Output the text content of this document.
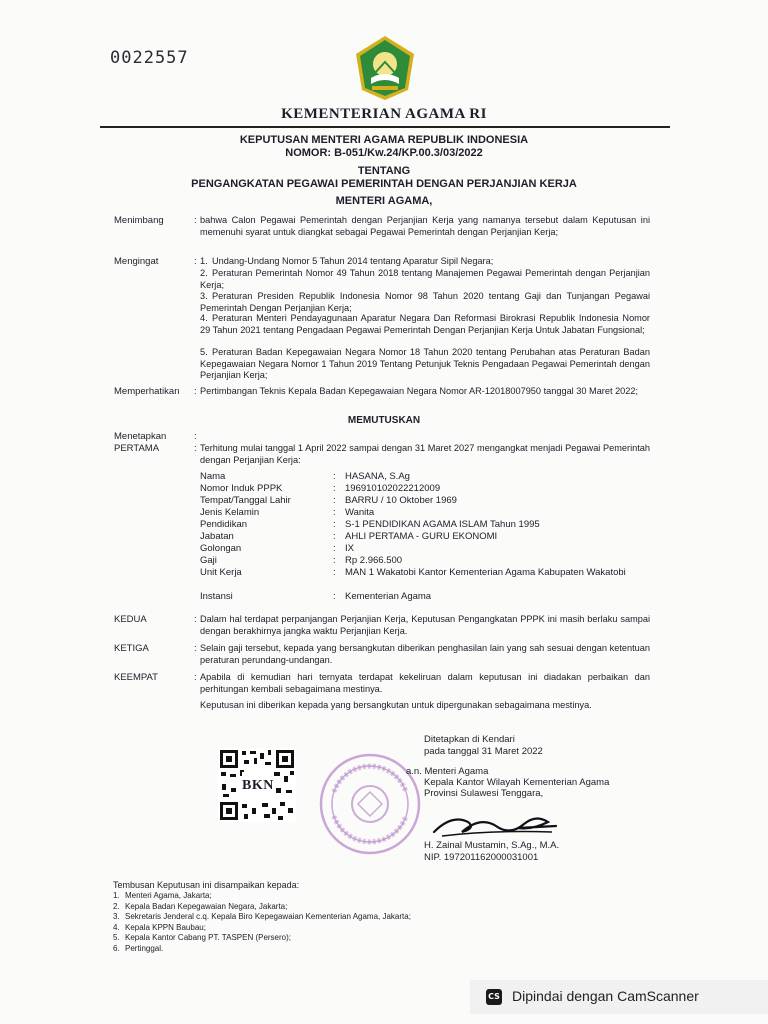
0022557
KEMENTERIAN AGAMA RI
KEPUTUSAN MENTERI AGAMA REPUBLIK INDONESIA
NOMOR: B-051/Kw.24/KP.00.3/03/2022
TENTANG
PENGANGKATAN PEGAWAI PEMERINTAH DENGAN PERJANJIAN KERJA
MENTERI AGAMA,
Menimbang	: bahwa Calon Pegawai Pemerintah dengan Perjanjian Kerja yang namanya tersebut dalam Keputusan ini memenuhi syarat untuk diangkat sebagai Pegawai Pemerintah dengan Perjanjian Kerja;
Mengingat	: 1. Undang-Undang Nomor 5 Tahun 2014 tentang Aparatur Sipil Negara;
2. Peraturan Pemerintah Nomor 49 Tahun 2018 tentang Manajemen Pegawai Pemerintah dengan Perjanjian Kerja;
3. Peraturan Presiden Republik Indonesia Nomor 98 Tahun 2020 tentang Gaji dan Tunjangan Pegawai Pemerintah Dengan Perjanjian Kerja;
4. Peraturan Menteri Pendayagunaan Aparatur Negara Dan Reformasi Birokrasi Republik Indonesia Nomor 29 Tahun 2021 tentang Pengadaan Pegawai Pemerintah Dengan Perjanjian Kerja Untuk Jabatan Fungsional;
5. Peraturan Badan Kepegawaian Negara Nomor 18 Tahun 2020 tentang Perubahan atas Peraturan Badan Kepegawaian Negara Nomor 1 Tahun 2019 Tentang Petunjuk Teknis Pengadaan Pegawai Pemerintah dengan Perjanjian Kerja;
Memperhatikan : Pertimbangan Teknis Kepala Badan Kepegawaian Negara Nomor AR-12018007950 tanggal 30 Maret 2022;
MEMUTUSKAN
Menetapkan	:
PERTAMA	: Terhitung mulai tanggal 1 April 2022 sampai dengan 31 Maret 2027 mengangkat menjadi Pegawai Pemerintah dengan Perjanjian Kerja:
Nama	: HASANA, S.Ag
Nomor Induk PPPK	: 196910102022212009
Tempat/Tanggal Lahir	: BARRU / 10 Oktober 1969
Jenis Kelamin	: Wanita
Pendidikan	: S-1 PENDIDIKAN AGAMA ISLAM Tahun 1995
Jabatan	: AHLI PERTAMA - GURU EKONOMI
Golongan	: IX
Gaji	: Rp 2.966.500
Unit Kerja	: MAN 1 Wakatobi Kantor Kementerian Agama Kabupaten Wakatobi
Instansi	: Kementerian Agama
KEDUA	: Dalam hal terdapat perpanjangan Perjanjian Kerja, Keputusan Pengangkatan PPPK ini masih berlaku sampai dengan berakhirnya jangka waktu Perjanjian Kerja.
KETIGA	: Selain gaji tersebut, kepada yang bersangkutan diberikan penghasilan lain yang sah sesuai dengan ketentuan peraturan perundang-undangan.
KEEMPAT	: Apabila di kemudian hari ternyata terdapat kekeliruan dalam keputusan ini diadakan perbaikan dan perhitungan kembali sebagaimana mestinya.
Keputusan ini diberikan kepada yang bersangkutan untuk dipergunakan sebagaimana mestinya.
BKN
Ditetapkan di Kendari
pada tanggal 31 Maret 2022
a.n. Menteri Agama
Kepala Kantor Wilayah Kementerian Agama
Provinsi Sulawesi Tenggara,
H. Zainal Mustamin, S.Ag., M.A.
NIP. 197201162000031001
Tembusan Keputusan ini disampaikan kepada:
1. Menteri Agama, Jakarta;
2. Kepala Badan Kepegawaian Negara, Jakarta;
3. Sekretaris Jenderal c.q. Kepala Biro Kepegawaian Kementerian Agama, Jakarta;
4. Kepala KPPN Baubau;
5. Kepala Kantor Cabang PT. TASPEN (Persero);
6. Pertinggal.
CS Dipindai dengan CamScanner
